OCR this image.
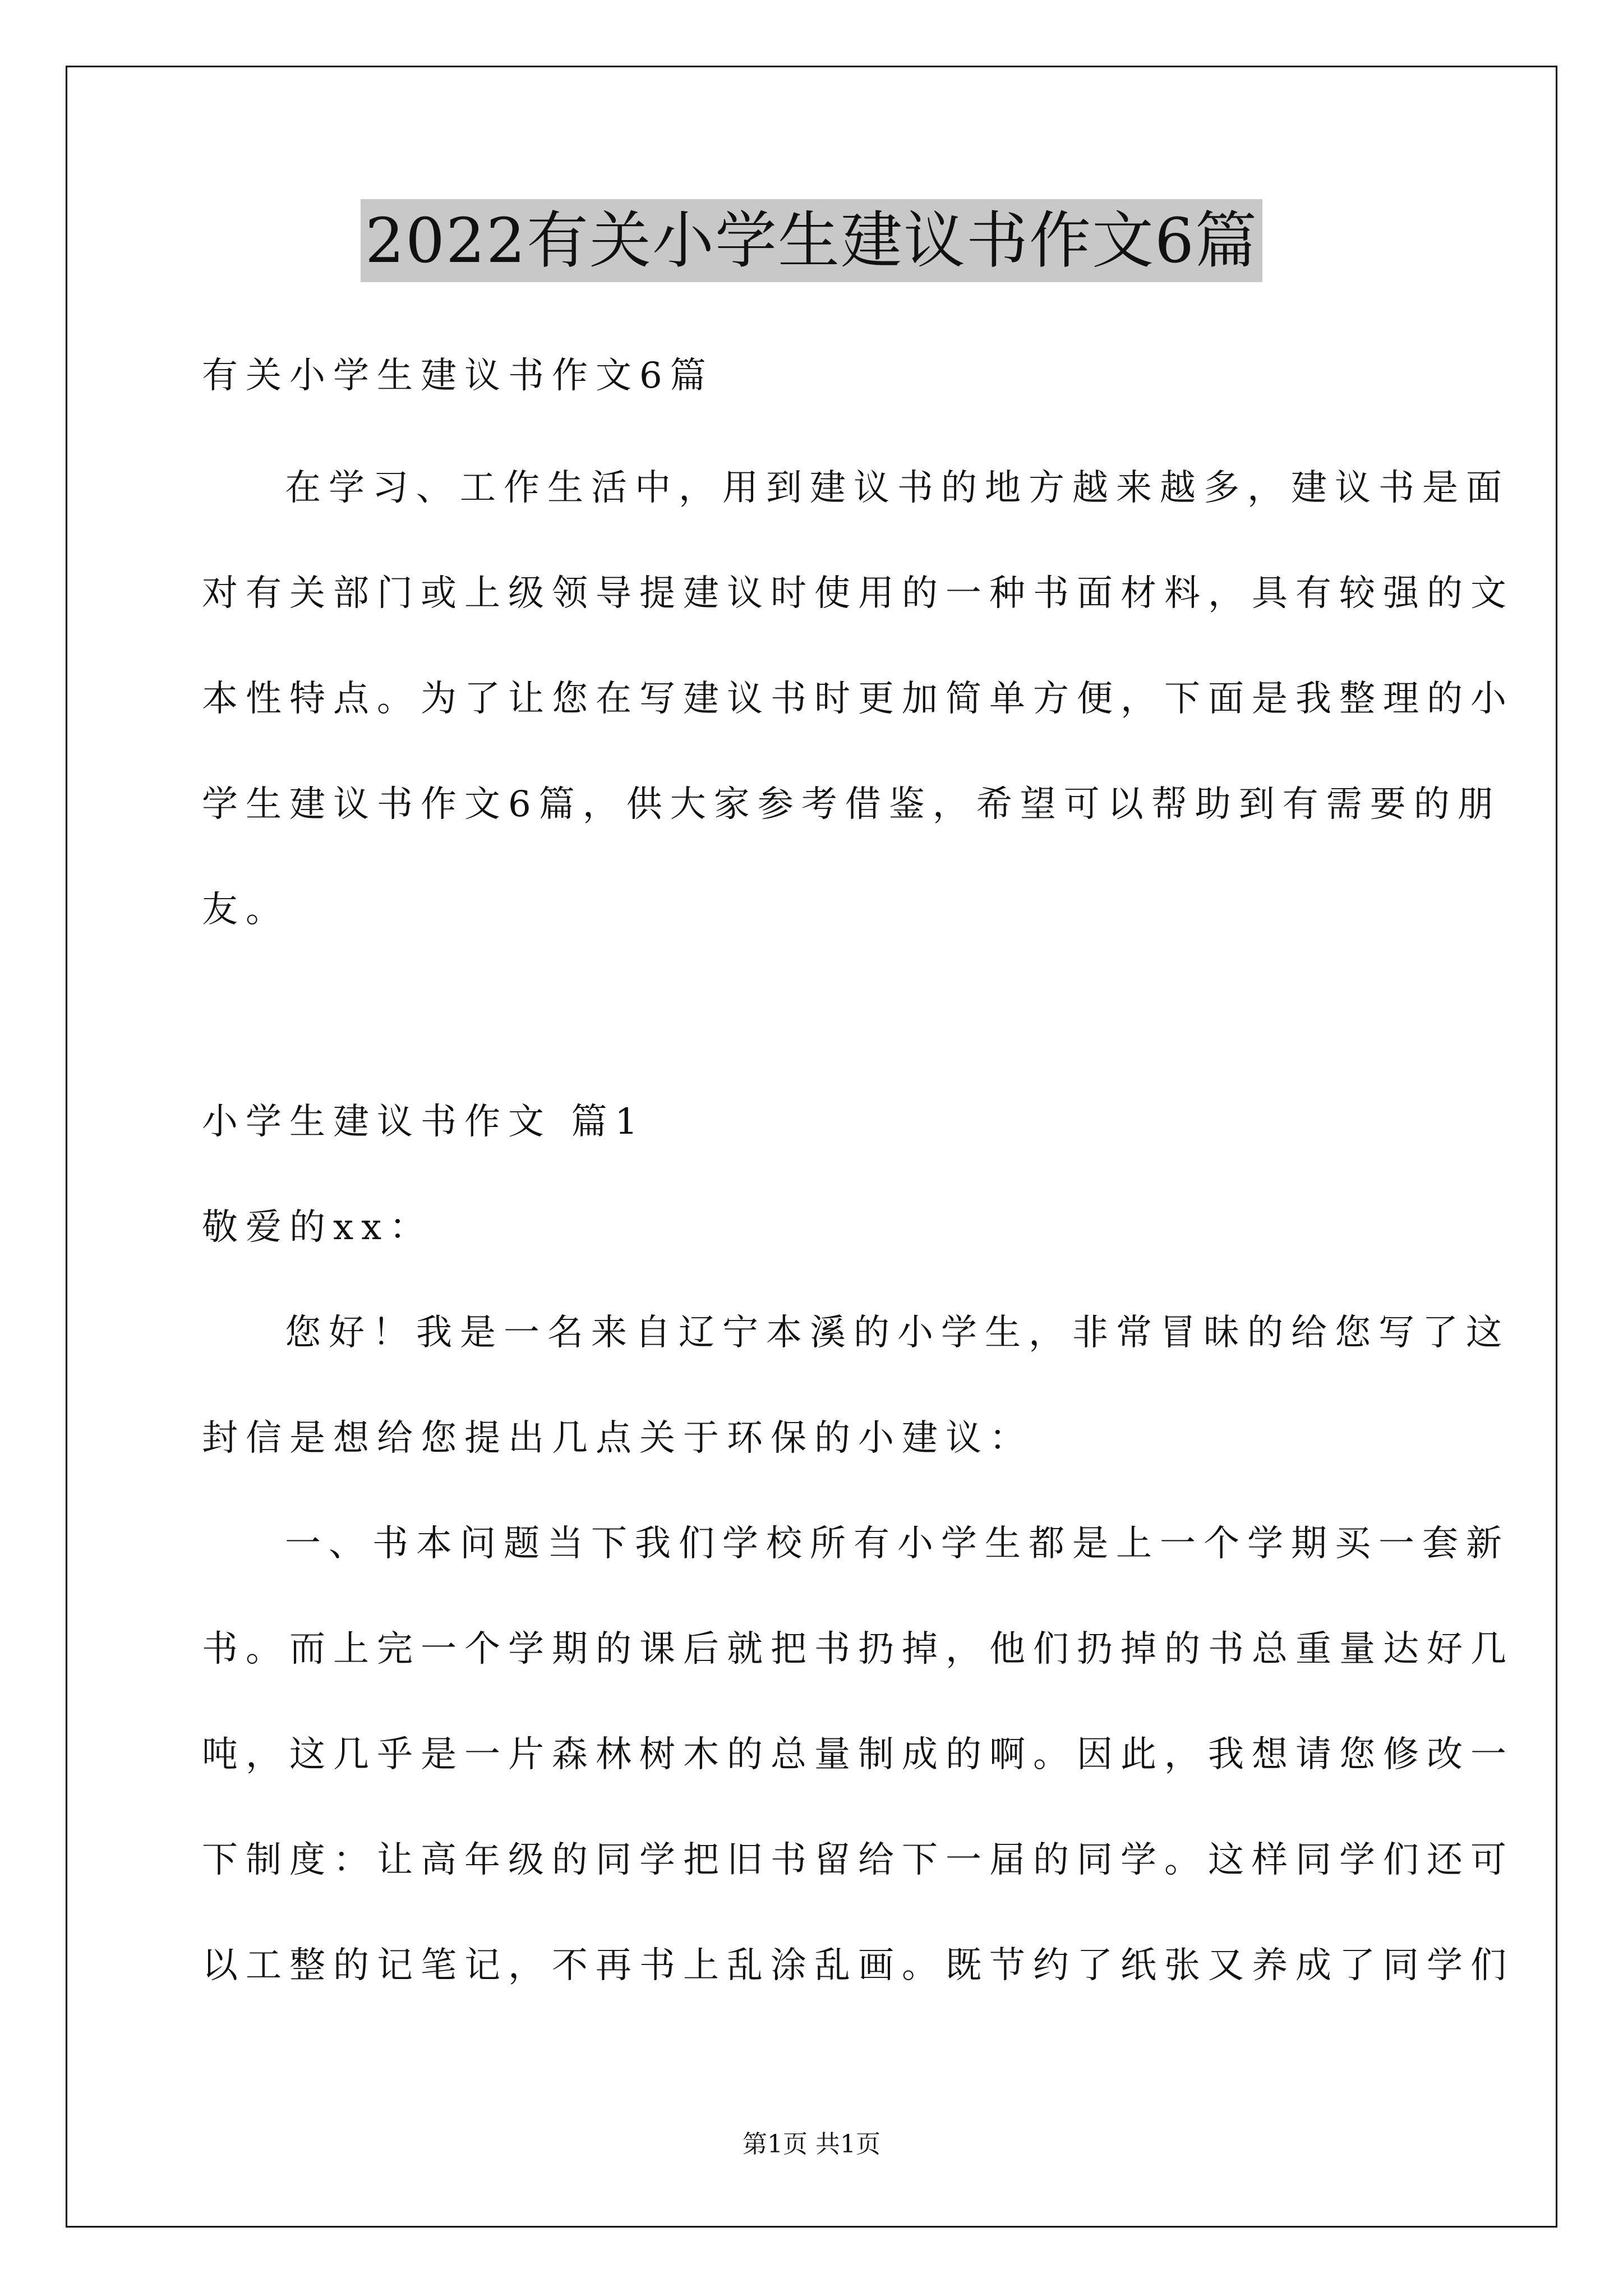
2022有关小学生建议书作文6篇
有关小学生建议书作文6篇
在学习、工作生活中，用到建议书的地方越来越多，建议书是面
对有关部门或上级领导提建议时使用的一种书面材料，具有较强的文
本性特点。为了让您在写建议书时更加简单方便，下面是我整理的小
学生建议书作文6篇，供大家参考借鉴，希望可以帮助到有需要的朋
友。
小学生建议书作文 篇1
敬爱的xx：
您好！我是一名来自辽宁本溪的小学生，非常冒昧的给您写了这
封信是想给您提出几点关于环保的小建议：
一、书本问题当下我们学校所有小学生都是上一个学期买一套新
书。而上完一个学期的课后就把书扔掉，他们扔掉的书总重量达好几
吨，这几乎是一片森林树木的总量制成的啊。因此，我想请您修改一
下制度：让高年级的同学把旧书留给下一届的同学。这样同学们还可
以工整的记笔记，不再书上乱涂乱画。既节约了纸张又养成了同学们
第1页 共1页
